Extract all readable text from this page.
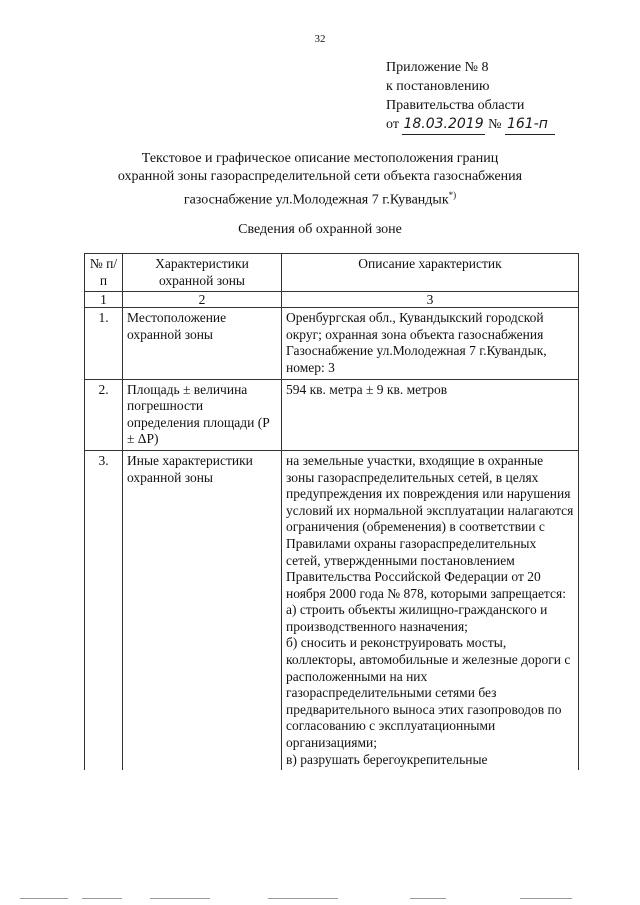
32
Приложение № 8
к постановлению
Правительства области
от 18.03.2019 № 161-п
Текстовое и графическое описание местоположения границ
охранной зоны газораспределительной сети объекта газоснабжения
газоснабжение ул.Молодежная 7 г.Кувандык*)
Сведения об охранной зоне
№ п/п	Характеристики охранной зоны	Описание характеристик
1	2	3
1.	Местоположение охранной зоны	Оренбургская обл., Кувандыкский городской округ; охранная зона объекта газоснабжения Газоснабжение ул.Молодежная 7 г.Кувандык, номер: 3
2.	Площадь ± величина погрешности определения площади (P ± ΔP)	594 кв. метра ± 9 кв. метров
3.	Иные характеристики охранной зоны	на земельные участки, входящие в охранные зоны газораспределительных сетей, в целях предупреждения их повреждения или нарушения условий их нормальной эксплуатации налагаются ограничения (обременения) в соответствии с Правилами охраны газораспределительных сетей, утвержденными постановлением Правительства Российской Федерации от 20 ноября 2000 года № 878, которыми запрещается:
а) строить объекты жилищно-гражданского и производственного назначения;
б) сносить и реконструировать мосты, коллекторы, автомобильные и железные дороги с расположенными на них газораспределительными сетями без предварительного выноса этих газопроводов по согласованию с эксплуатационными организациями;
в) разрушать берегоукрепительные
